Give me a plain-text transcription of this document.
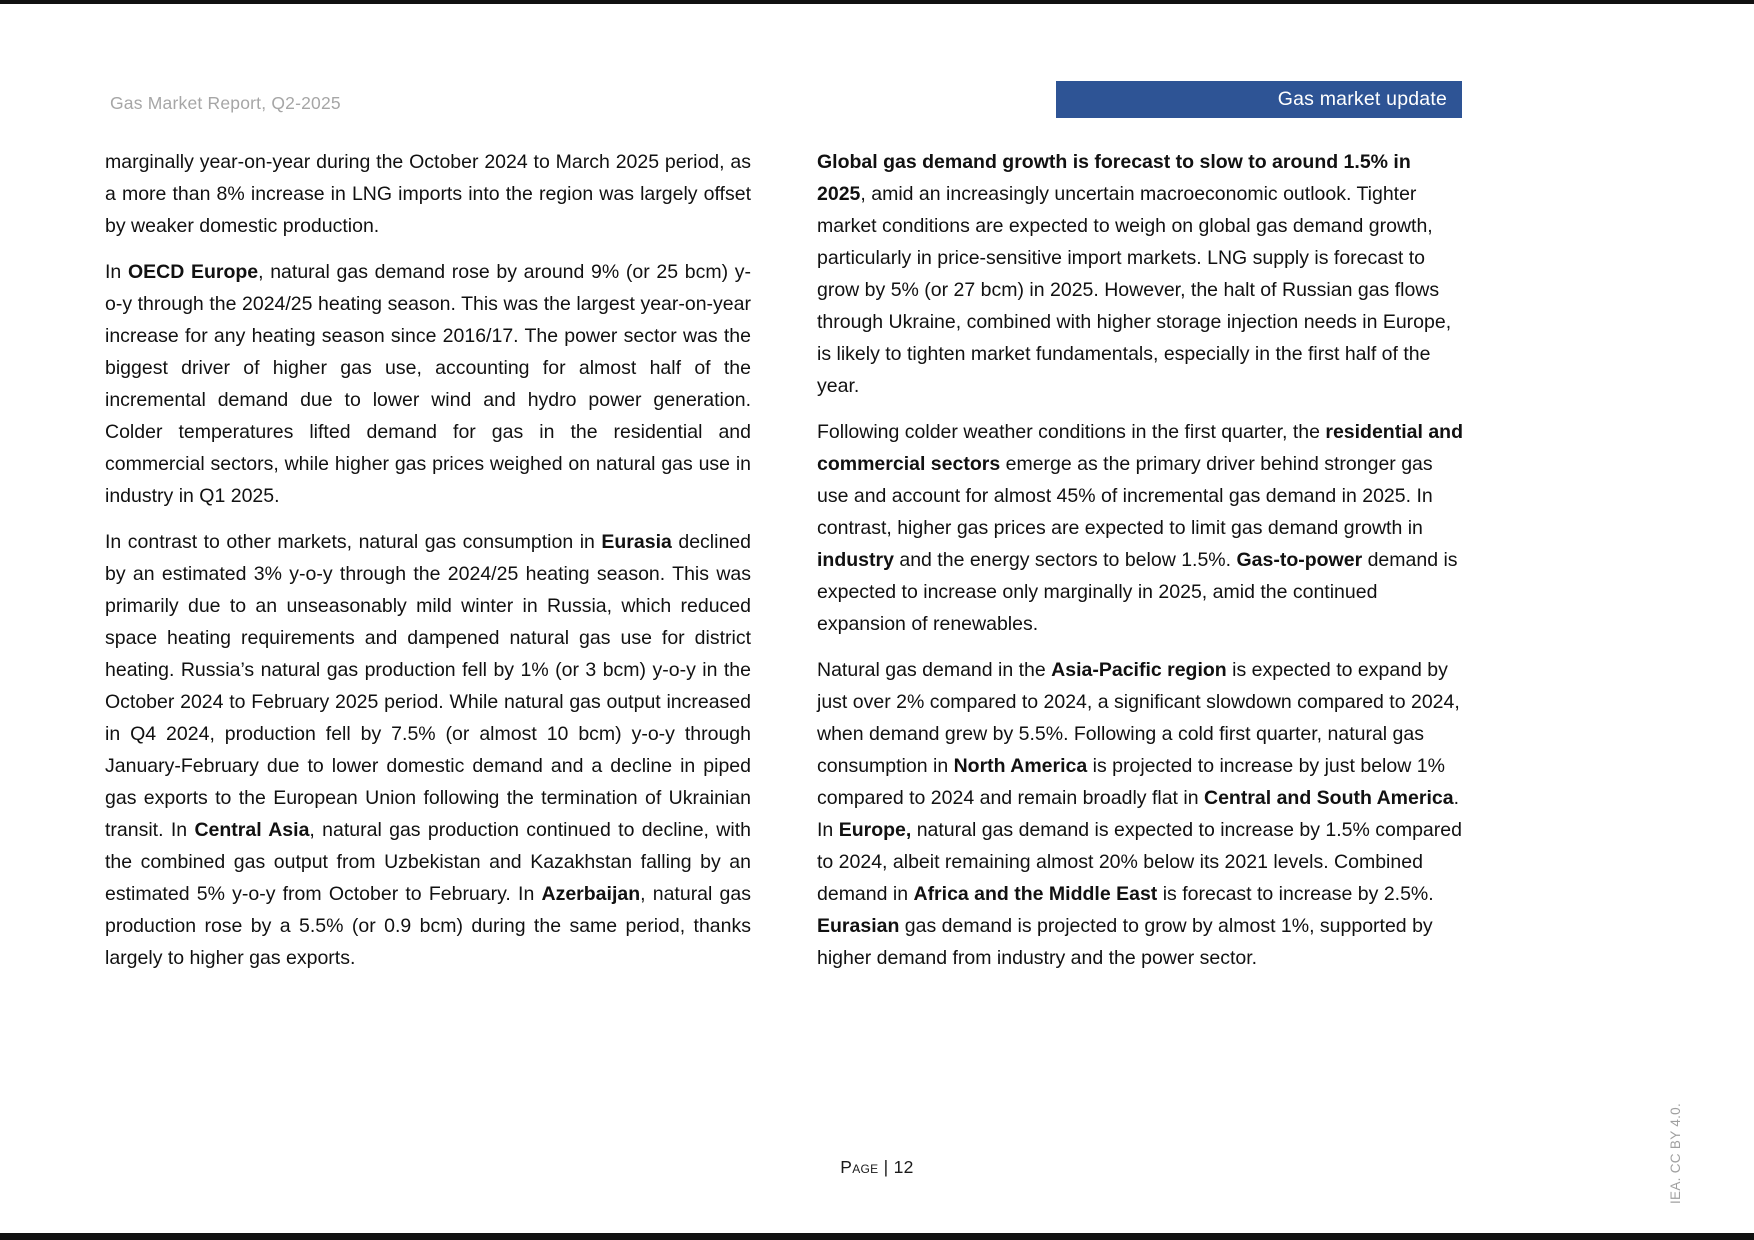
Gas Market Report, Q2-2025	Gas market update

marginally year-on-year during the October 2024 to March 2025 period, as a more than 8% increase in LNG imports into the region was largely offset by weaker domestic production.

In OECD Europe, natural gas demand rose by around 9% (or 25 bcm) y-o-y through the 2024/25 heating season. This was the largest year-on-year increase for any heating season since 2016/17. The power sector was the biggest driver of higher gas use, accounting for almost half of the incremental demand due to lower wind and hydro power generation. Colder temperatures lifted demand for gas in the residential and commercial sectors, while higher gas prices weighed on natural gas use in industry in Q1 2025.

In contrast to other markets, natural gas consumption in Eurasia declined by an estimated 3% y-o-y through the 2024/25 heating season. This was primarily due to an unseasonably mild winter in Russia, which reduced space heating requirements and dampened natural gas use for district heating. Russia’s natural gas production fell by 1% (or 3 bcm) y-o-y in the October 2024 to February 2025 period. While natural gas output increased in Q4 2024, production fell by 7.5% (or almost 10 bcm) y-o-y through January-February due to lower domestic demand and a decline in piped gas exports to the European Union following the termination of Ukrainian transit. In Central Asia, natural gas production continued to decline, with the combined gas output from Uzbekistan and Kazakhstan falling by an estimated 5% y-o-y from October to February. In Azerbaijan, natural gas production rose by a 5.5% (or 0.9 bcm) during the same period, thanks largely to higher gas exports.

Global gas demand growth is forecast to slow to around 1.5% in 2025, amid an increasingly uncertain macroeconomic outlook. Tighter market conditions are expected to weigh on global gas demand growth, particularly in price-sensitive import markets. LNG supply is forecast to grow by 5% (or 27 bcm) in 2025. However, the halt of Russian gas flows through Ukraine, combined with higher storage injection needs in Europe, is likely to tighten market fundamentals, especially in the first half of the year.

Following colder weather conditions in the first quarter, the residential and commercial sectors emerge as the primary driver behind stronger gas use and account for almost 45% of incremental gas demand in 2025. In contrast, higher gas prices are expected to limit gas demand growth in industry and the energy sectors to below 1.5%. Gas-to-power demand is expected to increase only marginally in 2025, amid the continued expansion of renewables.

Natural gas demand in the Asia-Pacific region is expected to expand by just over 2% compared to 2024, a significant slowdown compared to 2024, when demand grew by 5.5%. Following a cold first quarter, natural gas consumption in North America is projected to increase by just below 1% compared to 2024 and remain broadly flat in Central and South America. In Europe, natural gas demand is expected to increase by 1.5% compared to 2024, albeit remaining almost 20% below its 2021 levels. Combined demand in Africa and the Middle East is forecast to increase by 2.5%. Eurasian gas demand is projected to grow by almost 1%, supported by higher demand from industry and the power sector.

Page | 12	IEA. CC BY 4.0.
